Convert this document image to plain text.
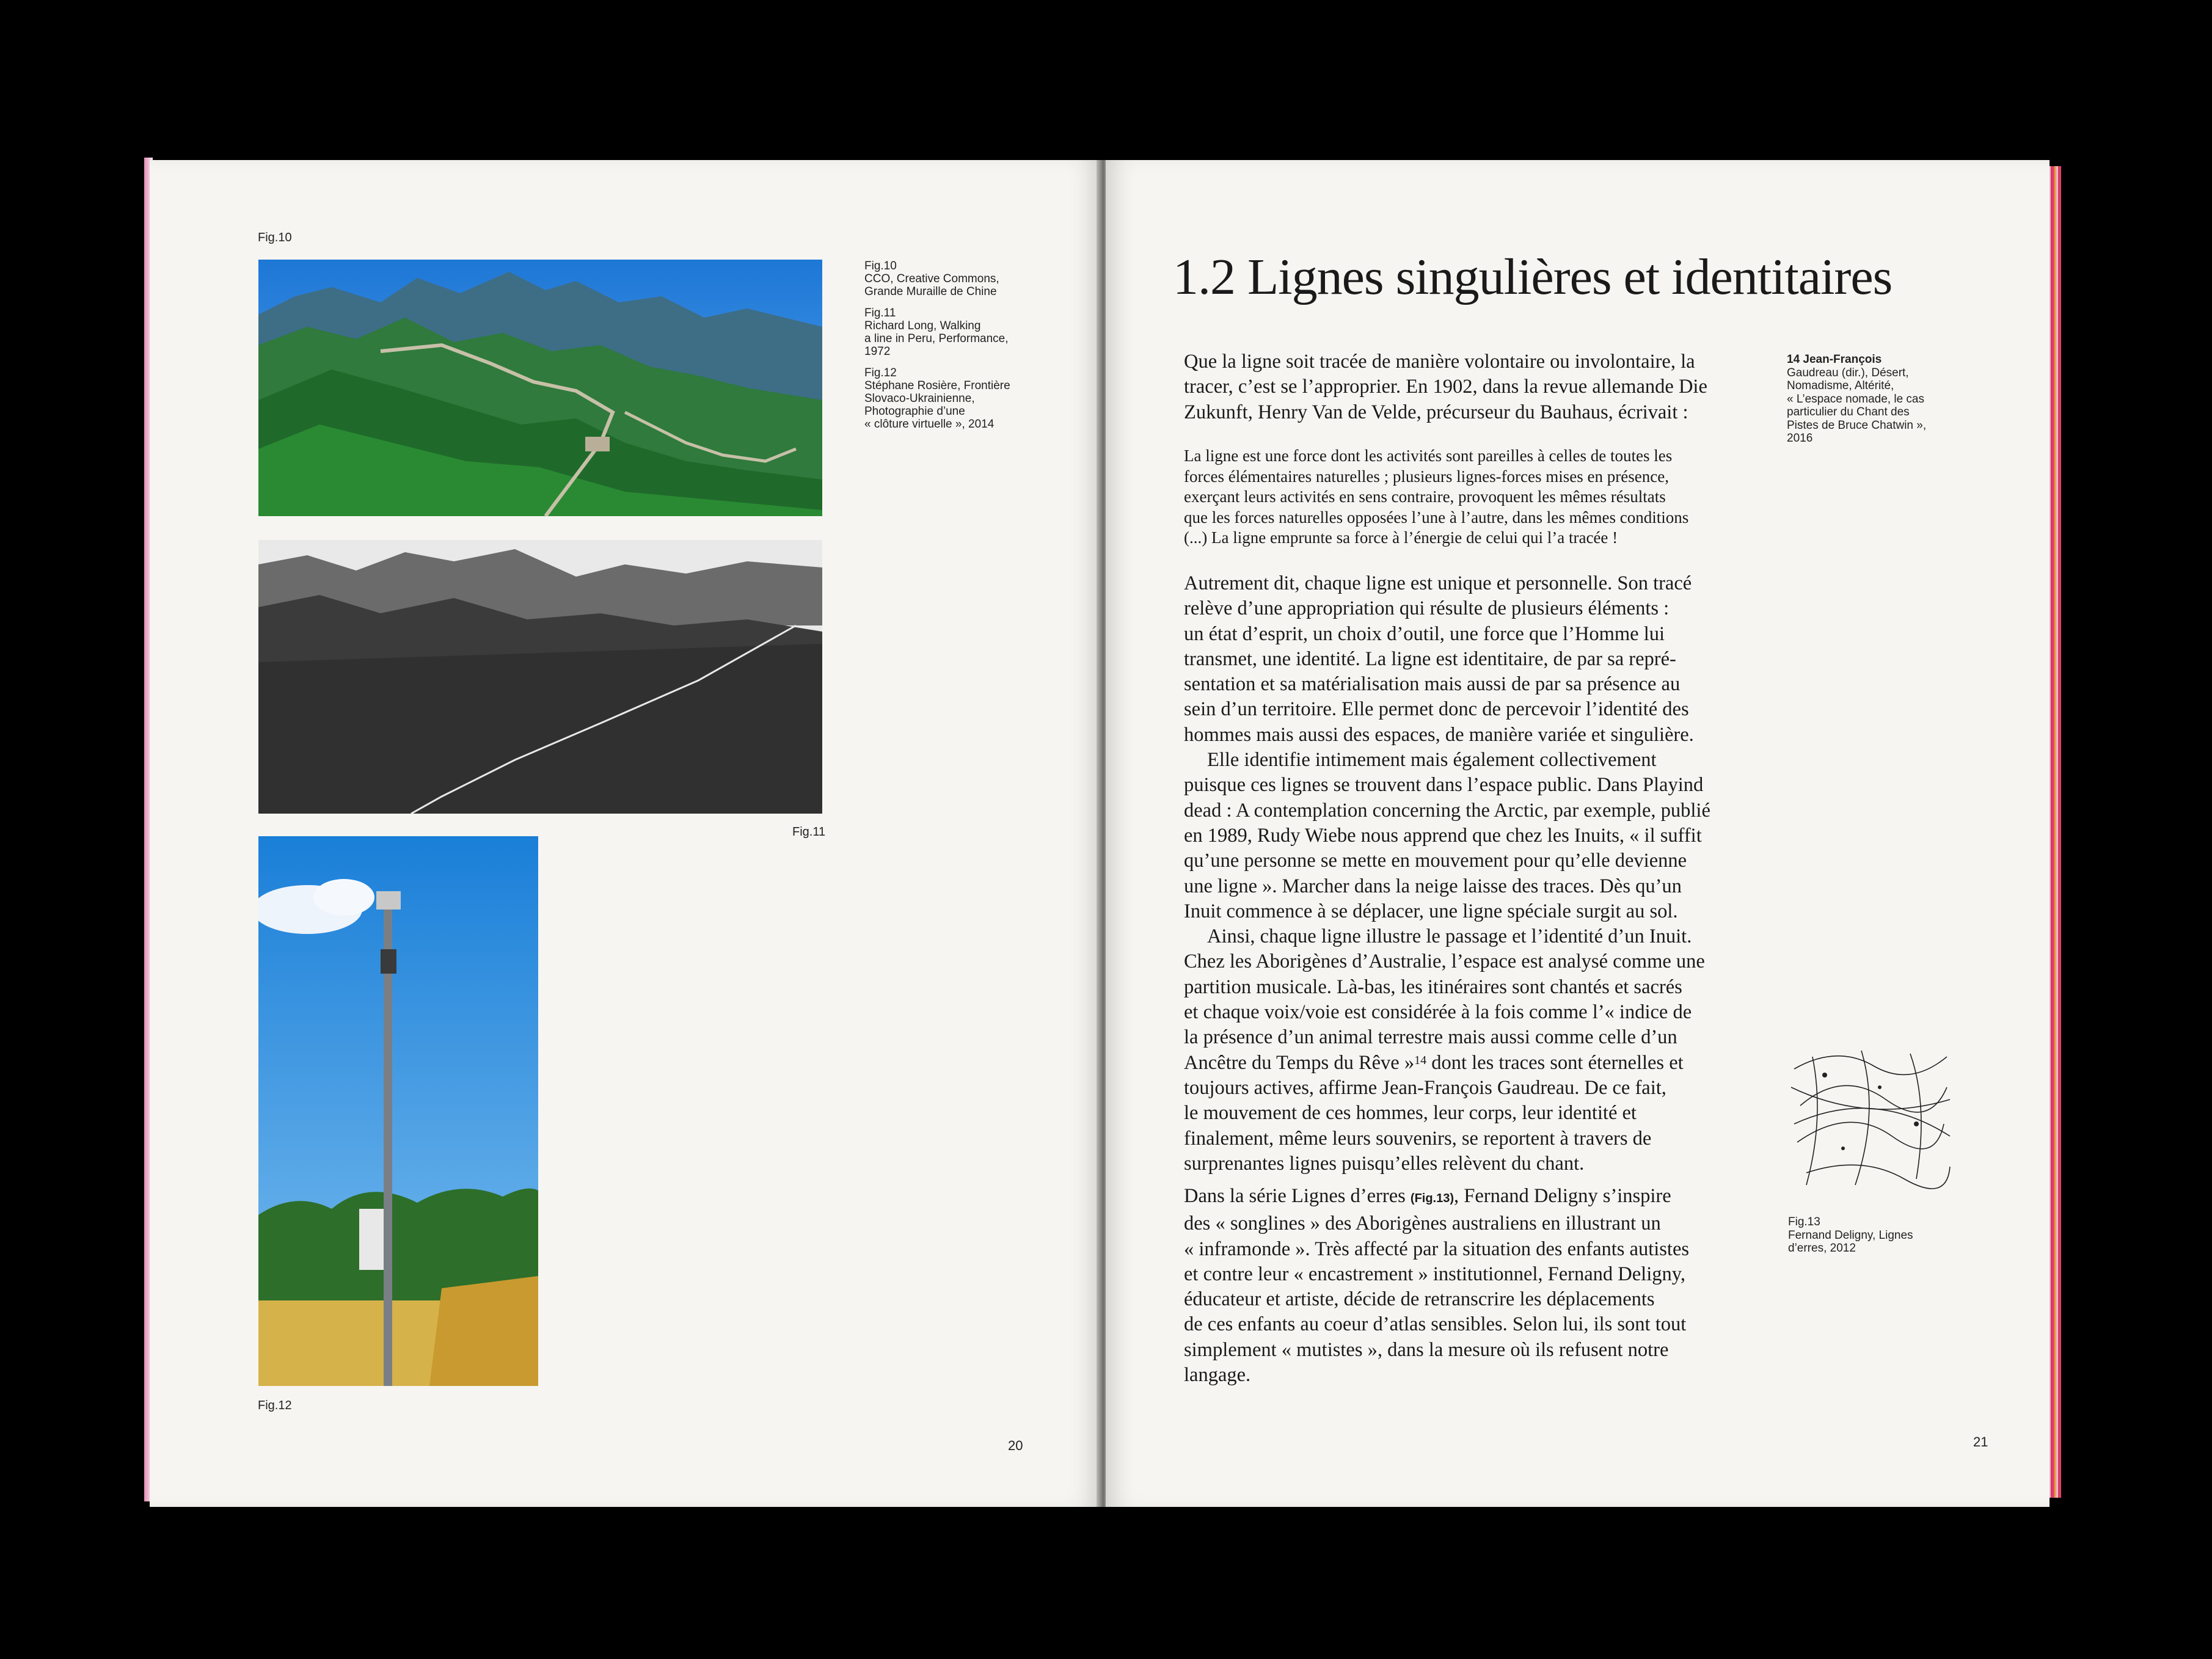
Fig.10
Fig.11
Fig.12
Fig.10
CCO, Creative Commons,
Grande Muraille de Chine
Fig.11
Richard Long, Walking
a line in Peru, Performance,
1972
Fig.12
Stéphane Rosière, Frontière
Slovaco-Ukrainienne,
Photographie d’une
« clôture virtuelle », 2014
20
1.2 Lignes singulières et identitaires
Que la ligne soit tracée de manière volontaire ou involontaire, la
tracer, c’est se l’approprier. En 1902, dans la revue allemande Die
Zukunft, Henry Van de Velde, précurseur du Bauhaus, écrivait :
La ligne est une force dont les activités sont pareilles à celles de toutes les
forces élémentaires naturelles ; plusieurs lignes-forces mises en présence,
exerçant leurs activités en sens contraire, provoquent les mêmes résultats
que les forces naturelles opposées l’une à l’autre, dans les mêmes conditions
(...) La ligne emprunte sa force à l’énergie de celui qui l’a tracée !
Autrement dit, chaque ligne est unique et personnelle. Son tracé
relève d’une appropriation qui résulte de plusieurs éléments :
un état d’esprit, un choix d’outil, une force que l’Homme lui
transmet, une identité. La ligne est identitaire, de par sa repré-
sentation et sa matérialisation mais aussi de par sa présence au
sein d’un territoire. Elle permet donc de percevoir l’identité des
hommes mais aussi des espaces, de manière variée et singulière.
Elle identifie intimement mais également collectivement
puisque ces lignes se trouvent dans l’espace public. Dans Playind
dead : A contemplation concerning the Arctic, par exemple, publié
en 1989, Rudy Wiebe nous apprend que chez les Inuits, « il suffit
qu’une personne se mette en mouvement pour qu’elle devienne
une ligne ». Marcher dans la neige laisse des traces. Dès qu’un
Inuit commence à se déplacer, une ligne spéciale surgit au sol.
Ainsi, chaque ligne illustre le passage et l’identité d’un Inuit.
Chez les Aborigènes d’Australie, l’espace est analysé comme une
partition musicale. Là-bas, les itinéraires sont chantés et sacrés
et chaque voix/voie est considérée à la fois comme l’« indice de
la présence d’un animal terrestre mais aussi comme celle d’un
Ancêtre du Temps du Rêve »$^{14}$ dont les traces sont éternelles et
toujours actives, affirme Jean-François Gaudreau. De ce fait,
le mouvement de ces hommes, leur corps, leur identité et
finalement, même leurs souvenirs, se reportent à travers de
surprenantes lignes puisqu’elles relèvent du chant.
Dans la série Lignes d’erres (Fig.13), Fernand Deligny s’inspire
des « songlines » des Aborigènes australiens en illustrant un
« inframonde ». Très affecté par la situation des enfants autistes
et contre leur « encastrement » institutionnel, Fernand Deligny,
éducateur et artiste, décide de retranscrire les déplacements
de ces enfants au coeur d’atlas sensibles. Selon lui, ils sont tout
simplement « mutistes », dans la mesure où ils refusent notre
langage.
14 Jean-François
Gaudreau (dir.), Désert,
Nomadisme, Altérité,
« L’espace nomade, le cas
particulier du Chant des
Pistes de Bruce Chatwin »,
2016
Fig.13
Fernand Deligny, Lignes
d’erres, 2012
21
